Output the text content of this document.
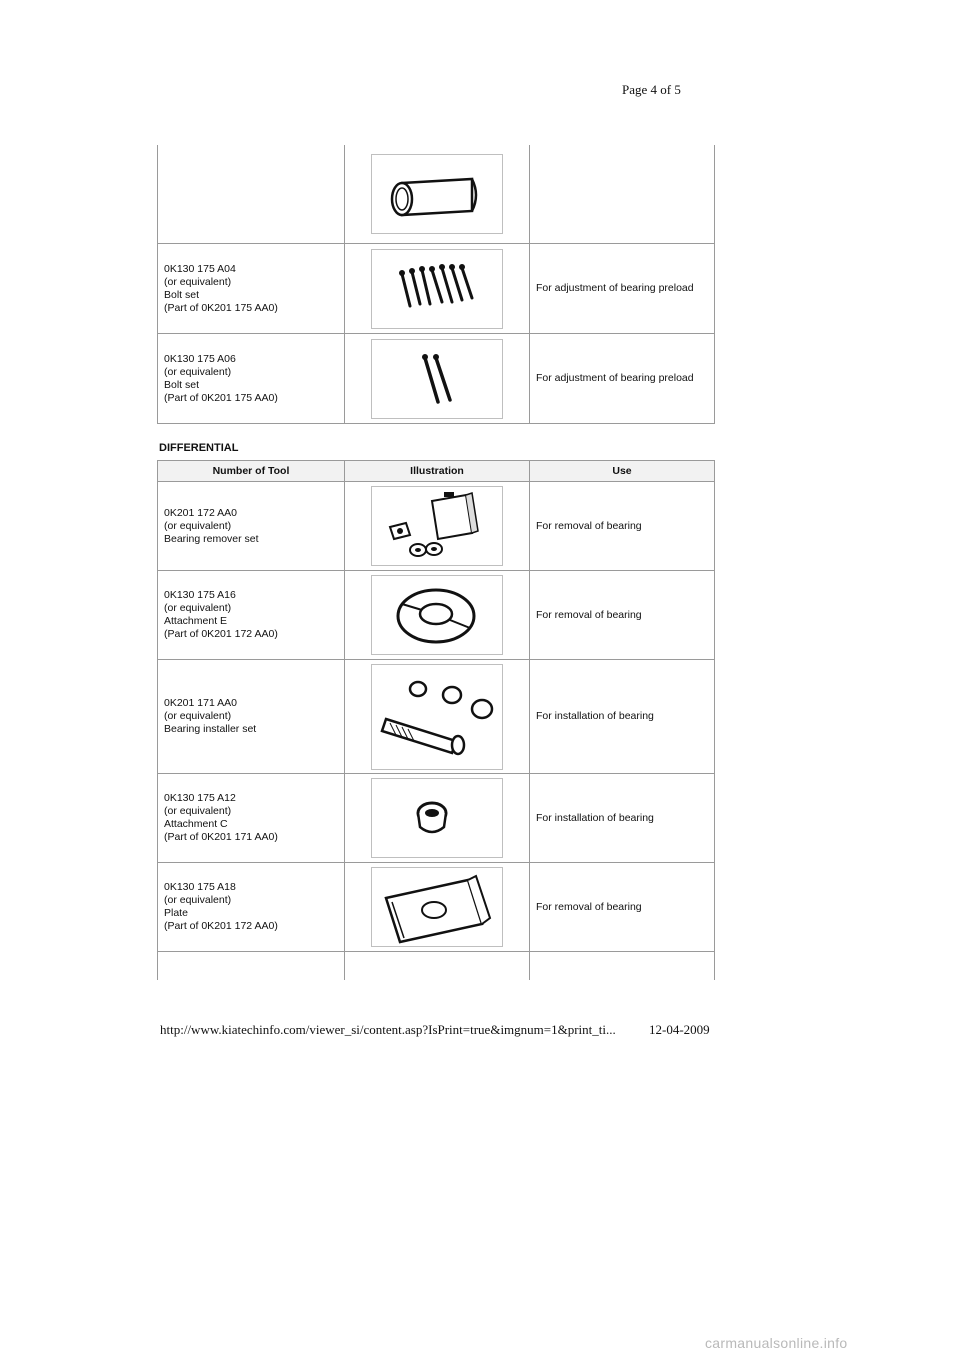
Page 4 of 5

0K130 175 A04
(or equivalent)
Bolt set
(Part of 0K201 175 AA0)		For adjustment of bearing preload

0K130 175 A06
(or equivalent)
Bolt set
(Part of 0K201 175 AA0)		For adjustment of bearing preload
DIFFERENTIAL
Number of Tool	Illustration	Use

0K201 172 AA0
(or equivalent)
Bearing remover set		For removal of bearing

0K130 175 A16
(or equivalent)
Attachment E
(Part of 0K201 172 AA0)		For removal of bearing

0K201 171 AA0
(or equivalent)
Bearing installer set		For installation of bearing

0K130 175 A12
(or equivalent)
Attachment C
(Part of 0K201 171 AA0)		For installation of bearing

0K130 175 A18
(or equivalent)
Plate
(Part of 0K201 172 AA0)		For removal of bearing

http://www.kiatechinfo.com/viewer_si/content.asp?IsPrint=true&imgnum=1&print_ti...	12-04-2009
carmanualsonline.info
